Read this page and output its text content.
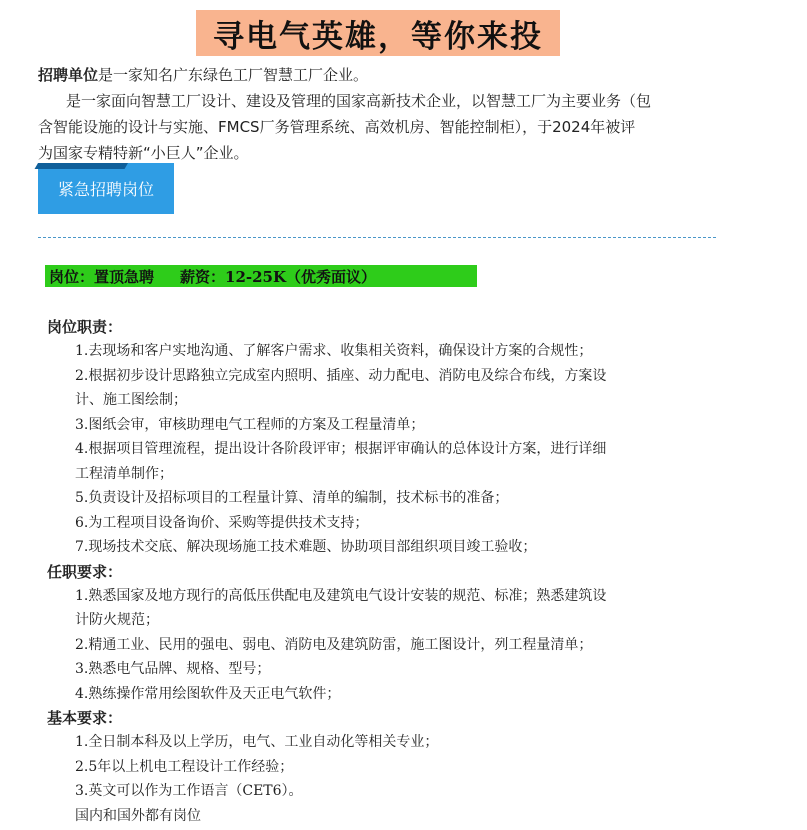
寻电气英雄，等你来投
招聘单位是一家知名广东绿色工厂智慧工厂企业。
是一家面向智慧工厂设计、建设及管理的国家高新技术企业，以智慧工厂为主要业务（包
含智能设施的设计与实施、FMCS厂务管理系统、高效机房、智能控制柜），于2024年被评
为国家专精特新“小巨人”企业。
紧急招聘岗位
岗位：置顶急聘 薪资：12-25K（优秀面议）
岗位职责：
1.去现场和客户实地沟通、了解客户需求、收集相关资料，确保设计方案的合规性；
2.根据初步设计思路独立完成室内照明、插座、动力配电、消防电及综合布线，方案设
计、施工图绘制；
3.图纸会审，审核助理电气工程师的方案及工程量清单；
4.根据项目管理流程，提出设计各阶段评审；根据评审确认的总体设计方案，进行详细
工程清单制作；
5.负责设计及招标项目的工程量计算、清单的编制，技术标书的准备；
6.为工程项目设备询价、采购等提供技术支持；
7.现场技术交底、解决现场施工技术难题、协助项目部组织项目竣工验收；
任职要求：
1.熟悉国家及地方现行的高低压供配电及建筑电气设计安装的规范、标准；熟悉建筑设
计防火规范；
2.精通工业、民用的强电、弱电、消防电及建筑防雷，施工图设计，列工程量清单；
3.熟悉电气品牌、规格、型号；
4.熟练操作常用绘图软件及天正电气软件；
基本要求：
1.全日制本科及以上学历，电气、工业自动化等相关专业；
2.5年以上机电工程设计工作经验；
3.英文可以作为工作语言（CET6）。
国内和国外都有岗位
